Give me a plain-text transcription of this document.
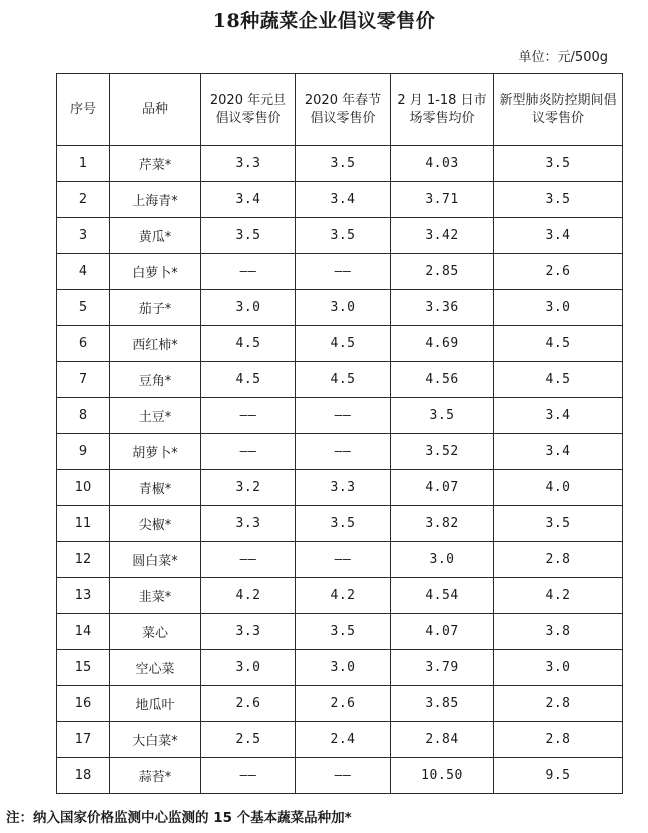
18种蔬菜企业倡议零售价
单位：元/500g
序号	品种	2020 年元旦倡议零售价	2020 年春节倡议零售价	2 月 1-18 日市场零售均价	新型肺炎防控期间倡议零售价

1	芹菜*	3.3	3.5	4.03	3.5
2	上海青*	3.4	3.4	3.71	3.5
3	黄瓜*	3.5	3.5	3.42	3.4
4	白萝卜*	——	——	2.85	2.6
5	茄子*	3.0	3.0	3.36	3.0
6	西红柿*	4.5	4.5	4.69	4.5
7	豆角*	4.5	4.5	4.56	4.5
8	土豆*	——	——	3.5	3.4
9	胡萝卜*	——	——	3.52	3.4
10	青椒*	3.2	3.3	4.07	4.0
11	尖椒*	3.3	3.5	3.82	3.5
12	圆白菜*	——	——	3.0	2.8
13	韭菜*	4.2	4.2	4.54	4.2
14	菜心	3.3	3.5	4.07	3.8
15	空心菜	3.0	3.0	3.79	3.0
16	地瓜叶	2.6	2.6	3.85	2.8
17	大白菜*	2.5	2.4	2.84	2.8
18	蒜苔*	——	——	10.50	9.5
注：纳入国家价格监测中心监测的 15 个基本蔬菜品种加*
